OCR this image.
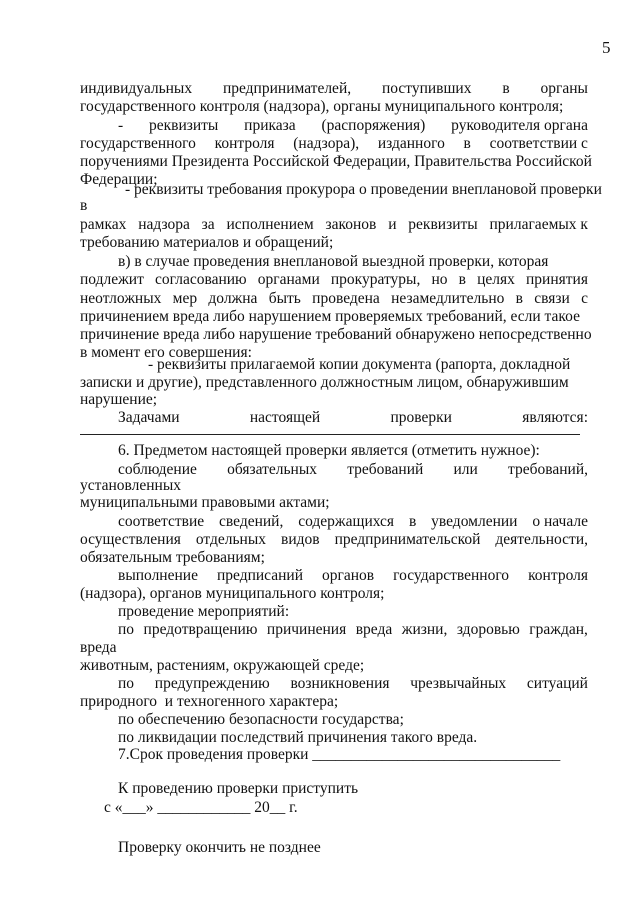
5
индивидуальных предпринимателей, поступивших в органы
государственного контроля (надзора), органы муниципального контроля;
- реквизиты приказа (распоряжения) руководителя органа
государственного контроля (надзора), изданного в соответствии с
поручениями Президента Российской Федерации, Правительства Российской
Федерации;
- реквизиты требования прокурора о проведении внеплановой проверки
в
рамках надзора за исполнением законов и реквизиты прилагаемых к
требованию материалов и обращений;
в) в случае проведения внеплановой выездной проверки, которая
подлежит согласованию органами прокуратуры, но в целях принятия
неотложных мер должна быть проведена незамедлительно в связи с
причинением вреда либо нарушением проверяемых требований, если такое
причинение вреда либо нарушение требований обнаружено непосредственно
в момент его совершения:
- реквизиты прилагаемой копии документа (рапорта, докладной
записки и другие), представленного должностным лицом, обнаружившим
нарушение;
Задачами	настоящей	проверки	являются:
6. Предметом настоящей проверки является (отметить нужное):
соблюдение обязательных требований или требований,
установленных
муниципальными правовыми актами;
соответствие сведений, содержащихся в уведомлении о начале
осуществления отдельных видов предпринимательской деятельности,
обязательным требованиям;
выполнение предписаний органов государственного контроля
(надзора), органов муниципального контроля;
проведение мероприятий:
по предотвращению причинения вреда жизни, здоровью граждан,
вреда
животным, растениям, окружающей среде;
по предупреждению возникновения чрезвычайных ситуаций
природного  и техногенного характера;
по обеспечению безопасности государства;
по ликвидации последствий причинения такого вреда.
7.Срок проведения проверки ________________________________
К проведению проверки приступить
с «___» ____________ 20__ г.
Проверку окончить не позднее
